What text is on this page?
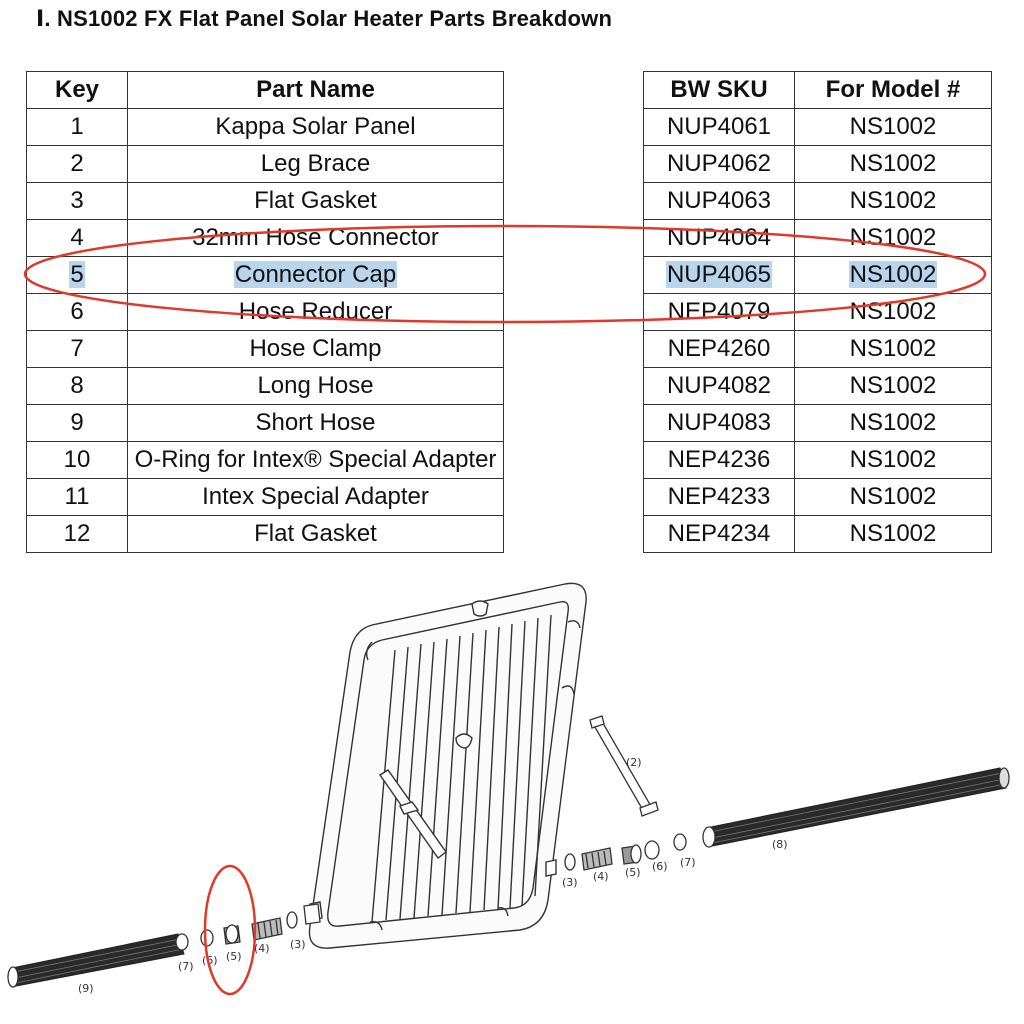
Ⅰ. NS1002 FX Flat Panel Solar Heater Parts Breakdown
Key	Part Name
1	Kappa Solar Panel
2	Leg Brace
3	Flat Gasket
4	32mm Hose Connector
5	Connector Cap
6	Hose Reducer
7	Hose Clamp
8	Long Hose
9	Short Hose
10	O-Ring for Intex® Special Adapter
11	Intex Special Adapter
12	Flat Gasket
BW SKU	For Model #
NUP4061	NS1002
NUP4062	NS1002
NUP4063	NS1002
NUP4064	NS1002
NUP4065	NS1002
NEP4079	NS1002
NEP4260	NS1002
NUP4082	NS1002
NUP4083	NS1002
NEP4236	NS1002
NEP4233	NS1002
NEP4234	NS1002
(2)
(3) (4) (5) (6) (7)
(8)
(3)
(4)
(5)
(6)
(7)
(9)
